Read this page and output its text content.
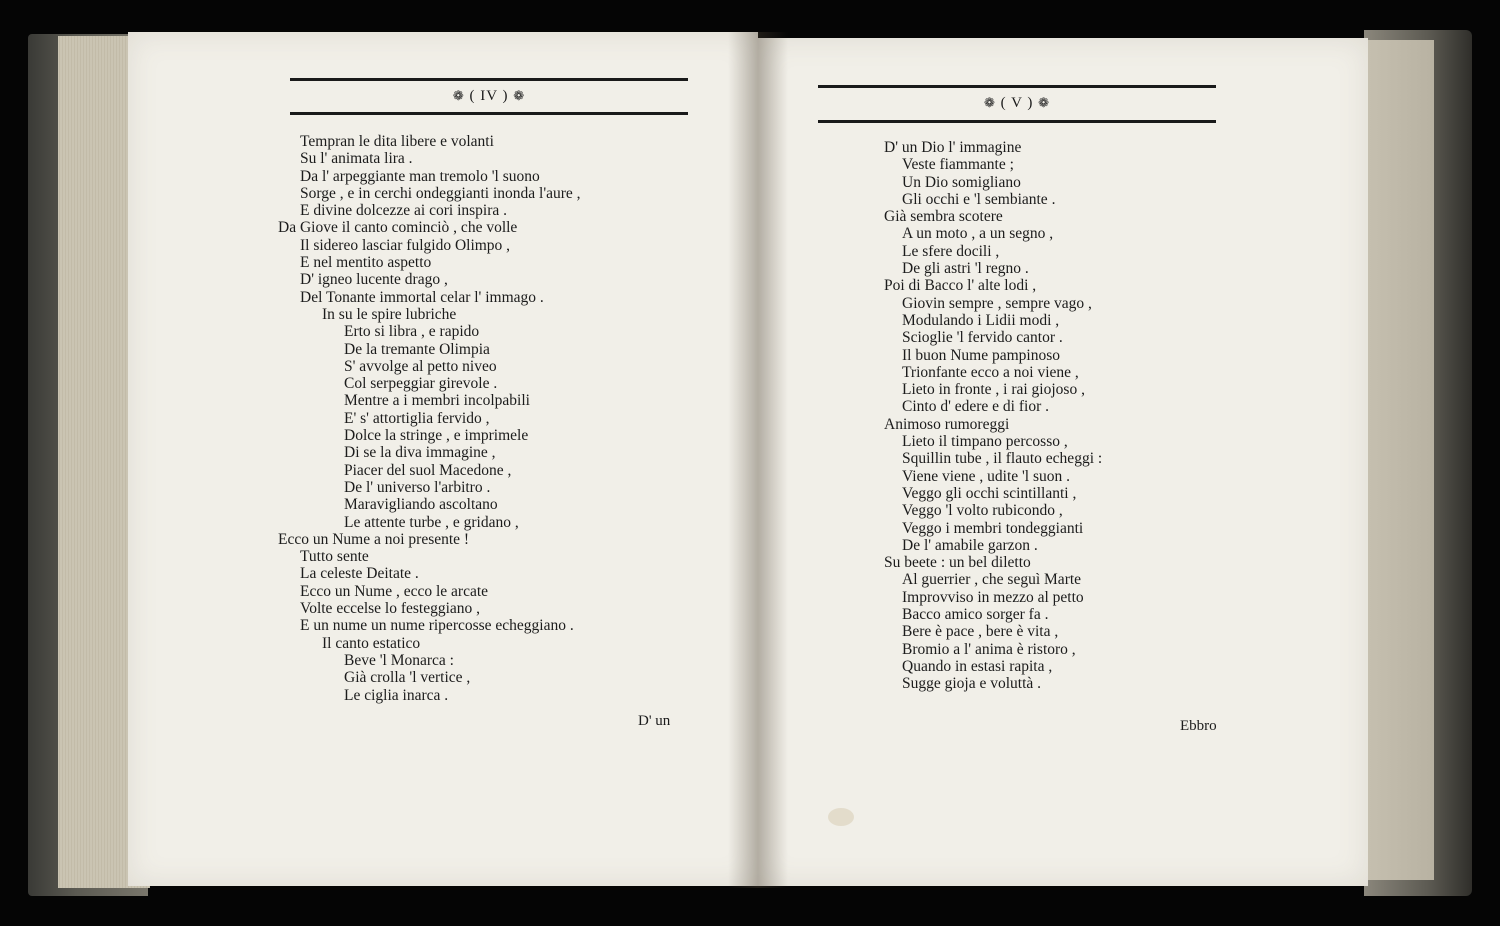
❁ ( IV ) ❁
Tempran le dita libere e volanti
Su l' animata lira .
Da l' arpeggiante man tremolo 'l suono
Sorge , e in cerchi ondeggianti inonda l'aure ,
E divine dolcezze ai cori inspira .
Da Giove il canto cominciò , che volle
Il sidereo lasciar fulgido Olimpo ,
E nel mentito aspetto
D' igneo lucente drago ,
Del Tonante immortal celar l' immago .
In su le spire lubriche
Erto si libra , e rapido
De la tremante Olimpia
S' avvolge al petto niveo
Col serpeggiar girevole .
Mentre a i membri incolpabili
E' s' attortiglia fervido ,
Dolce la stringe , e imprimele
Di se la diva immagine ,
Piacer del suol Macedone ,
De l' universo l'arbitro .
Maravigliando ascoltano
Le attente turbe , e gridano ,
Ecco un Nume a noi presente !
Tutto sente
La celeste Deitate .
Ecco un Nume , ecco le arcate
Volte eccelse lo festeggiano ,
E un nume un nume ripercosse echeggiano .
Il canto estatico
Beve 'l Monarca :
Già crolla 'l vertice ,
Le ciglia inarca .
D' un
❁ ( V ) ❁
D' un Dio l' immagine
Veste fiammante ;
Un Dio somigliano
Gli occhi e 'l sembiante .
Già sembra scotere
A un moto , a un segno ,
Le sfere docili ,
De gli astri 'l regno .
Poi di Bacco l' alte lodi ,
Giovin sempre , sempre vago ,
Modulando i Lidii modi ,
Scioglie 'l fervido cantor .
Il buon Nume pampinoso
Trionfante ecco a noi viene ,
Lieto in fronte , i rai giojoso ,
Cinto d' edere e di fior .
Animoso rumoreggi
Lieto il timpano percosso ,
Squillin tube , il flauto echeggi :
Viene viene , udite 'l suon .
Veggo gli occhi scintillanti ,
Veggo 'l volto rubicondo ,
Veggo i membri tondeggianti
De l' amabile garzon .
Su beete : un bel diletto
Al guerrier , che seguì Marte
Improvviso in mezzo al petto
Bacco amico sorger fa .
Bere è pace , bere è vita ,
Bromio a l' anima è ristoro ,
Quando in estasi rapita ,
Sugge gioja e voluttà .
Ebbro
